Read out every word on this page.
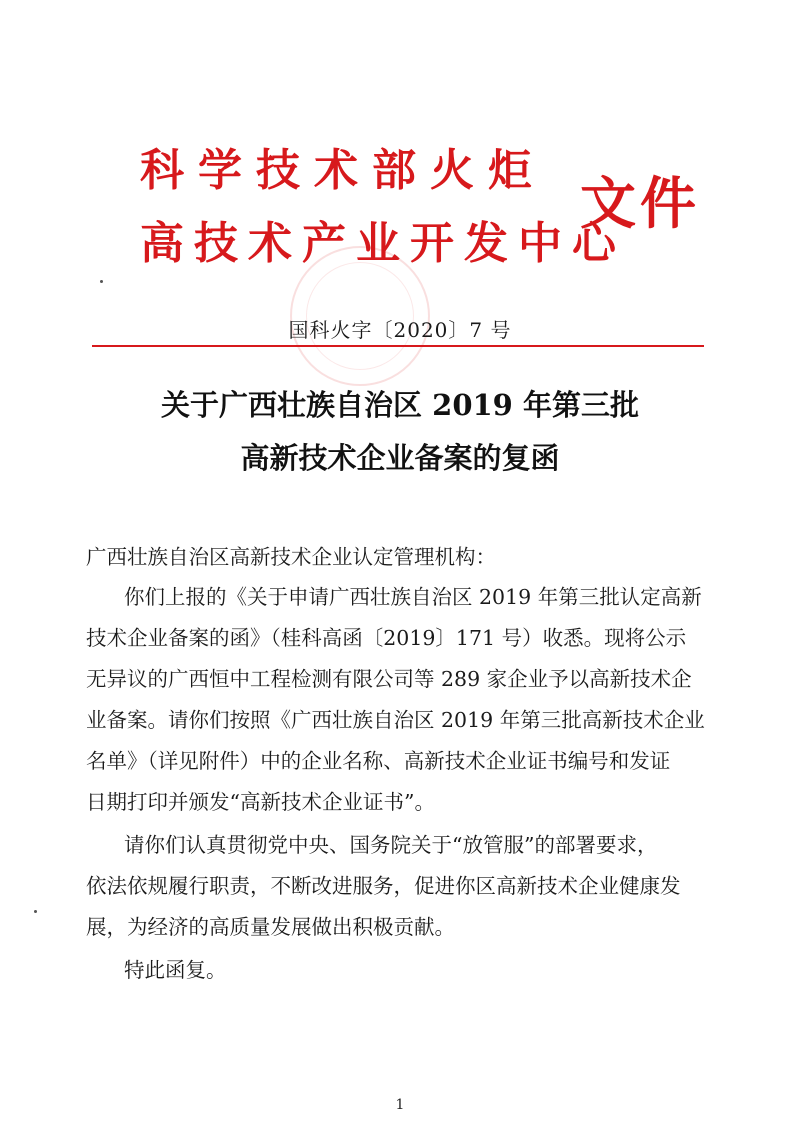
科学技术部火炬
高技术产业开发中心
文件
国科火字〔2020〕7 号
关于广西壮族自治区 2019 年第三批
高新技术企业备案的复函
广西壮族自治区高新技术企业认定管理机构：
你们上报的《关于申请广西壮族自治区 2019 年第三批认定高新
技术企业备案的函》（桂科高函〔2019〕171 号）收悉。现将公示
无异议的广西恒中工程检测有限公司等 289 家企业予以高新技术企
业备案。请你们按照《广西壮族自治区 2019 年第三批高新技术企业
名单》（详见附件）中的企业名称、高新技术企业证书编号和发证
日期打印并颁发“高新技术企业证书”。
请你们认真贯彻党中央、国务院关于“放管服”的部署要求，
依法依规履行职责，不断改进服务，促进你区高新技术企业健康发
展，为经济的高质量发展做出积极贡献。
特此函复。
1
